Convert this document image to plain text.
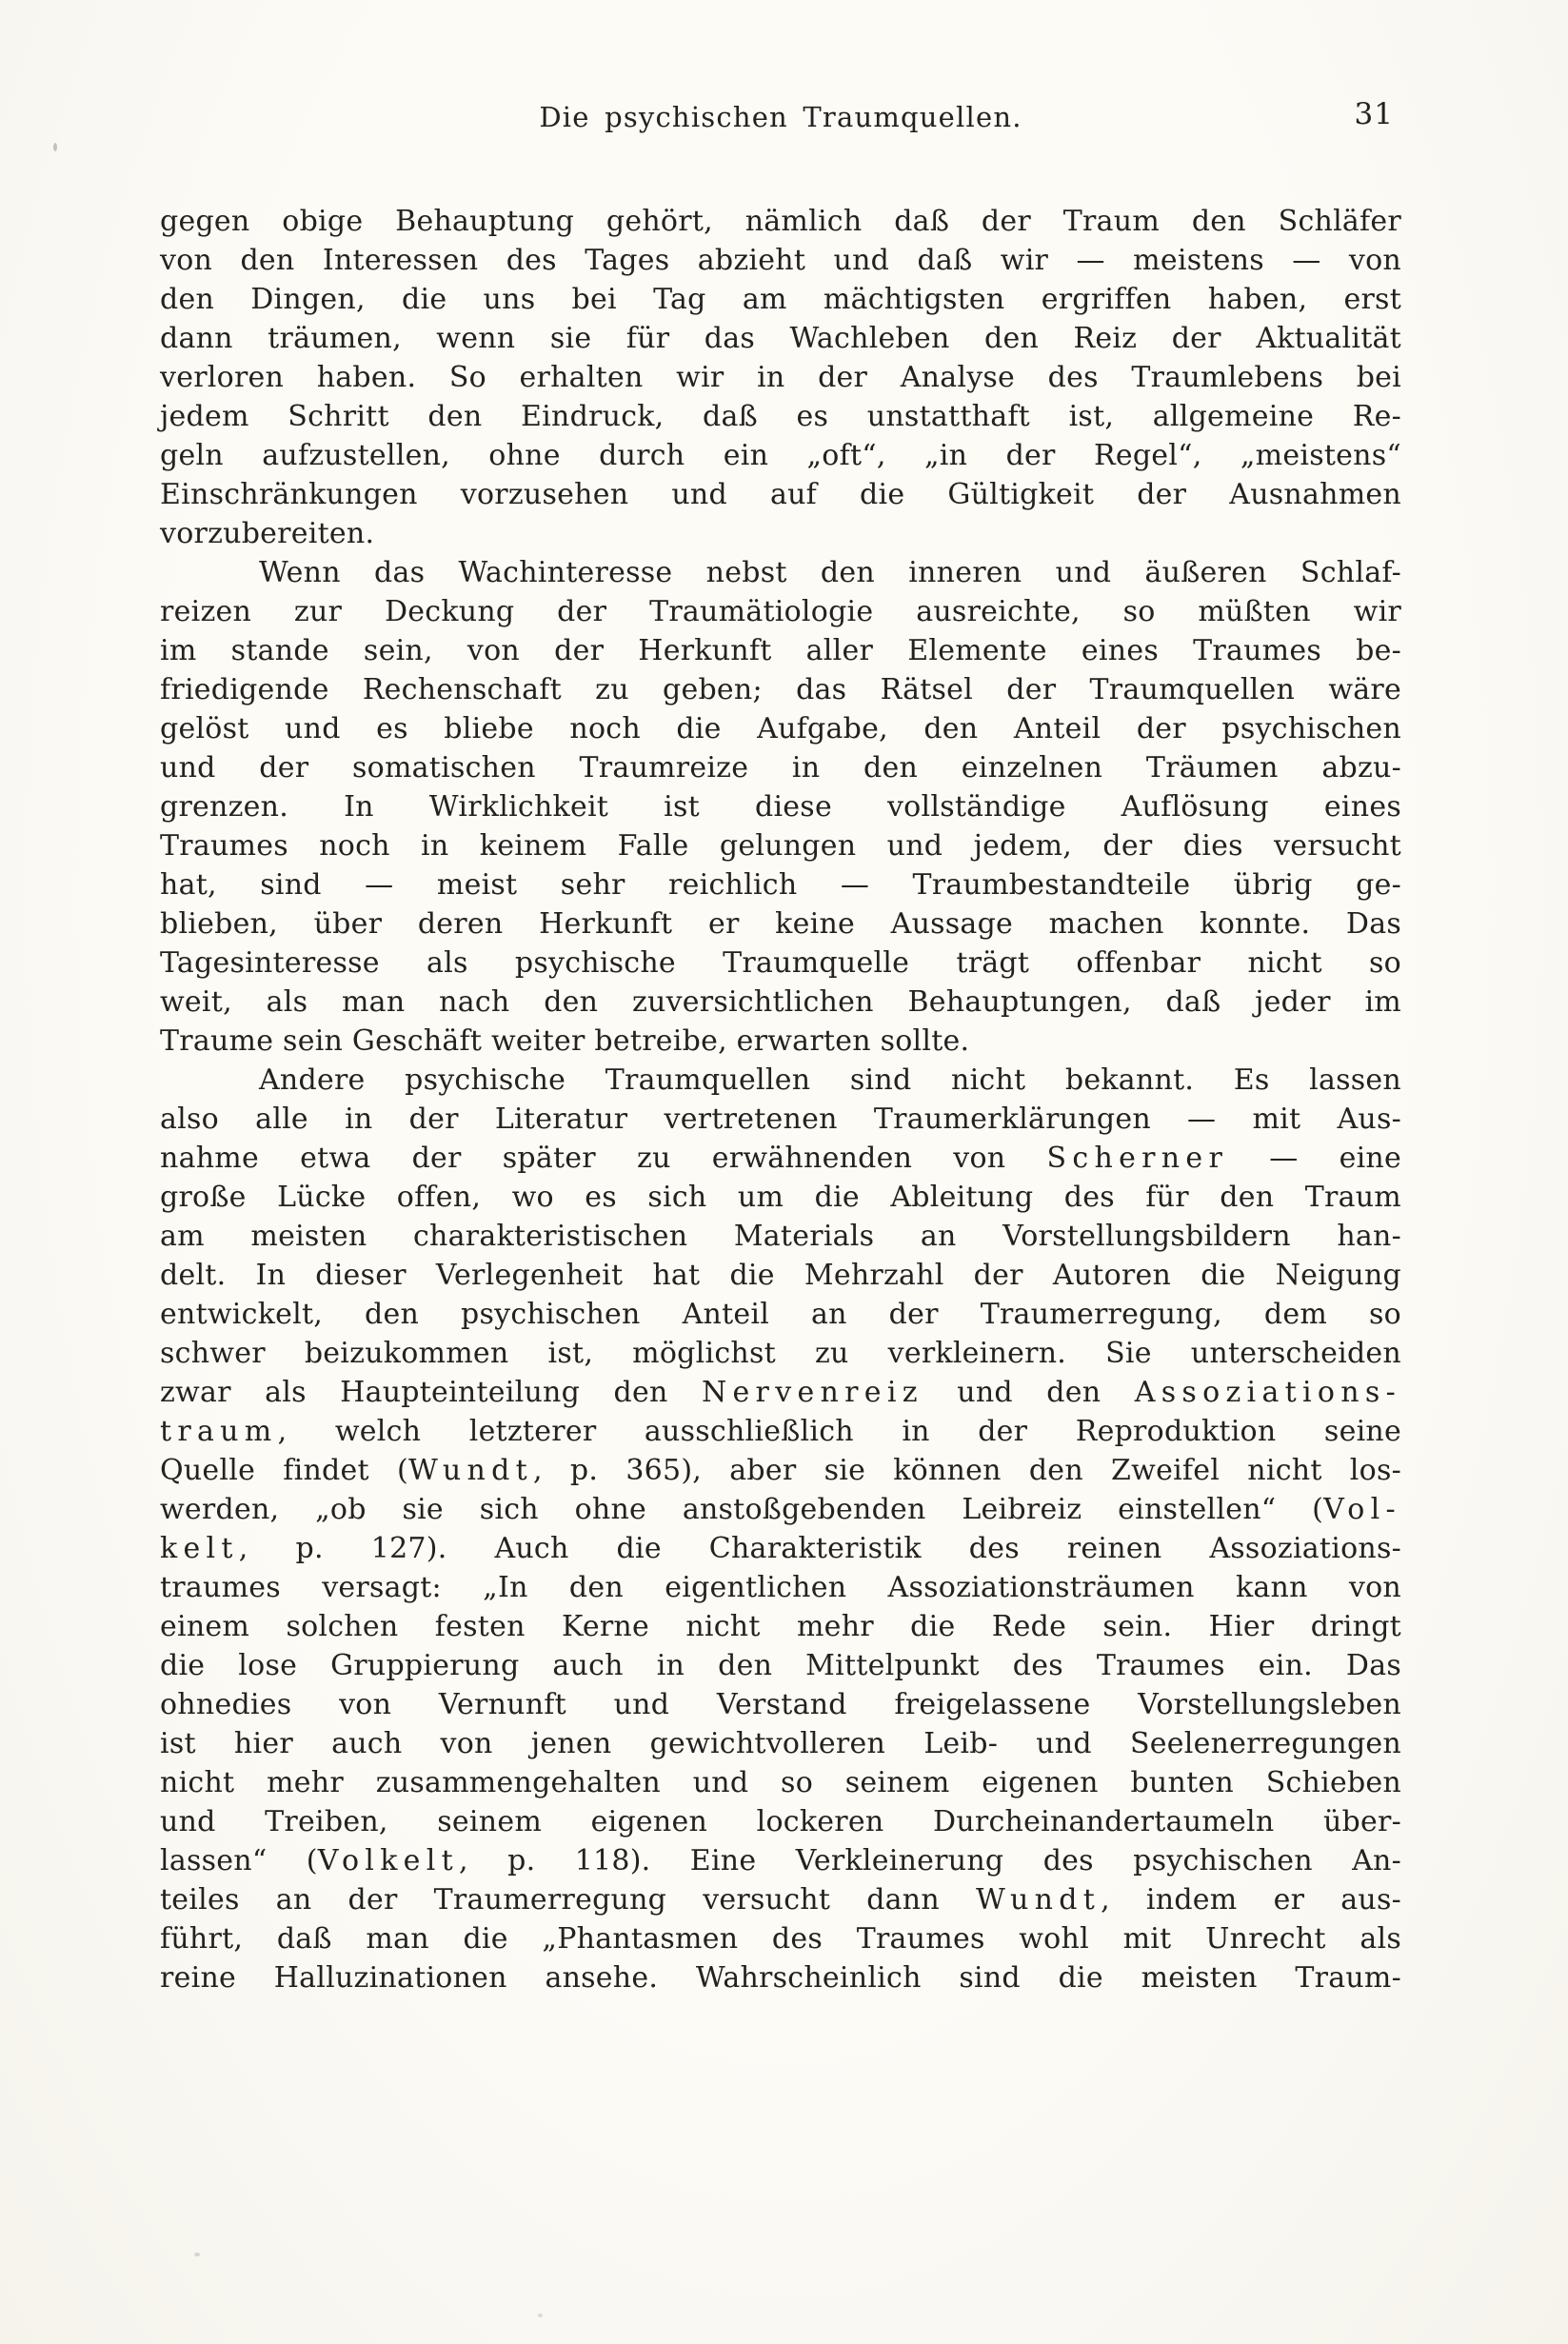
Die psychischen Traumquellen.	31
gegen obige Behauptung gehört, nämlich daß der Traum den Schläfer
von den Interessen des Tages abzieht und daß wir — meistens — von
den Dingen, die uns bei Tag am mächtigsten ergriffen haben, erst
dann träumen, wenn sie für das Wachleben den Reiz der Aktualität
verloren haben. So erhalten wir in der Analyse des Traumlebens bei
jedem Schritt den Eindruck, daß es unstatthaft ist, allgemeine Re-
geln aufzustellen, ohne durch ein „oft“, „in der Regel“, „meistens“
Einschränkungen vorzusehen und auf die Gültigkeit der Ausnahmen
vorzubereiten.
Wenn das Wachinteresse nebst den inneren und äußeren Schlaf-
reizen zur Deckung der Traumätiologie ausreichte, so müßten wir
im stande sein, von der Herkunft aller Elemente eines Traumes be-
friedigende Rechenschaft zu geben; das Rätsel der Traumquellen wäre
gelöst und es bliebe noch die Aufgabe, den Anteil der psychischen
und der somatischen Traumreize in den einzelnen Träumen abzu-
grenzen. In Wirklichkeit ist diese vollständige Auflösung eines
Traumes noch in keinem Falle gelungen und jedem, der dies versucht
hat, sind — meist sehr reichlich — Traumbestandteile übrig ge-
blieben, über deren Herkunft er keine Aussage machen konnte. Das
Tagesinteresse als psychische Traumquelle trägt offenbar nicht so
weit, als man nach den zuversichtlichen Behauptungen, daß jeder im
Traume sein Geschäft weiter betreibe, erwarten sollte.
Andere psychische Traumquellen sind nicht bekannt. Es lassen
also alle in der Literatur vertretenen Traumerklärungen — mit Aus-
nahme etwa der später zu erwähnenden von Scherner — eine
große Lücke offen, wo es sich um die Ableitung des für den Traum
am meisten charakteristischen Materials an Vorstellungsbildern han-
delt. In dieser Verlegenheit hat die Mehrzahl der Autoren die Neigung
entwickelt, den psychischen Anteil an der Traumerregung, dem so
schwer beizukommen ist, möglichst zu verkleinern. Sie unterscheiden
zwar als Haupteinteilung den Nervenreiz und den Assoziations-
traum, welch letzterer ausschließlich in der Reproduktion seine
Quelle findet (Wundt, p. 365), aber sie können den Zweifel nicht los-
werden, „ob sie sich ohne anstoßgebenden Leibreiz einstellen“ (Vol-
kelt, p. 127). Auch die Charakteristik des reinen Assoziations-
traumes versagt: „In den eigentlichen Assoziationsträumen kann von
einem solchen festen Kerne nicht mehr die Rede sein. Hier dringt
die lose Gruppierung auch in den Mittelpunkt des Traumes ein. Das
ohnedies von Vernunft und Verstand freigelassene Vorstellungsleben
ist hier auch von jenen gewichtvolleren Leib- und Seelenerregungen
nicht mehr zusammengehalten und so seinem eigenen bunten Schieben
und Treiben, seinem eigenen lockeren Durcheinandertaumeln über-
lassen“ (Volkelt, p. 118). Eine Verkleinerung des psychischen An-
teiles an der Traumerregung versucht dann Wundt, indem er aus-
führt, daß man die „Phantasmen des Traumes wohl mit Unrecht als
reine Halluzinationen ansehe. Wahrscheinlich sind die meisten Traum-
